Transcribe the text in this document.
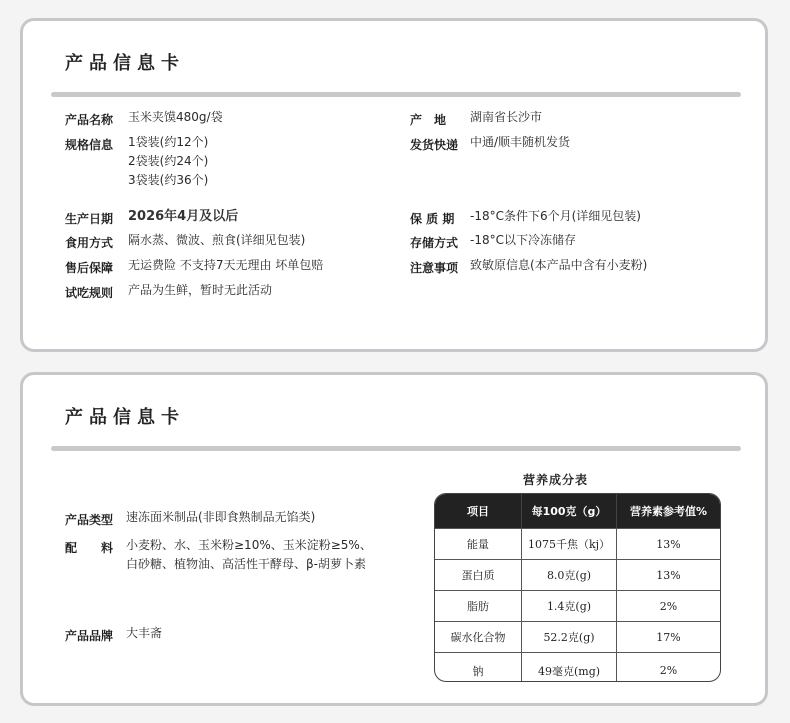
产品信息卡
产品名称 玉米夹馍480g/袋	产　地 湖南省长沙市
规格信息 1袋装(约12个)
2袋装(约24个)
3袋装(约36个)
发货快递 中通/顺丰随机发货
生产日期 2026年4月及以后	保 质 期 -18°C条件下6个月(详细见包装)
食用方式 隔水蒸、微波、煎食(详细见包装)	存储方式 -18°C以下冷冻储存
售后保障 无运费险 不支持7天无理由 坏单包赔	注意事项 致敏原信息(本产品中含有小麦粉)
试吃规则 产品为生鲜，暂时无此活动
产品信息卡
产品类型 速冻面米制品(非即食熟制品无馅类)
配　　料 小麦粉、水、玉米粉≥10%、玉米淀粉≥5%、
白砂糖、植物油、高活性干酵母、β-胡萝卜素
产品品牌 大丰斋
营养成分表
项目	每100克（g）	营养素参考值%
能量	1075千焦（kj）	13%
蛋白质	8.0克(g)	13%
脂肪	1.4克(g)	2%
碳水化合物	52.2克(g)	17%
钠	49毫克(mg)	2%
